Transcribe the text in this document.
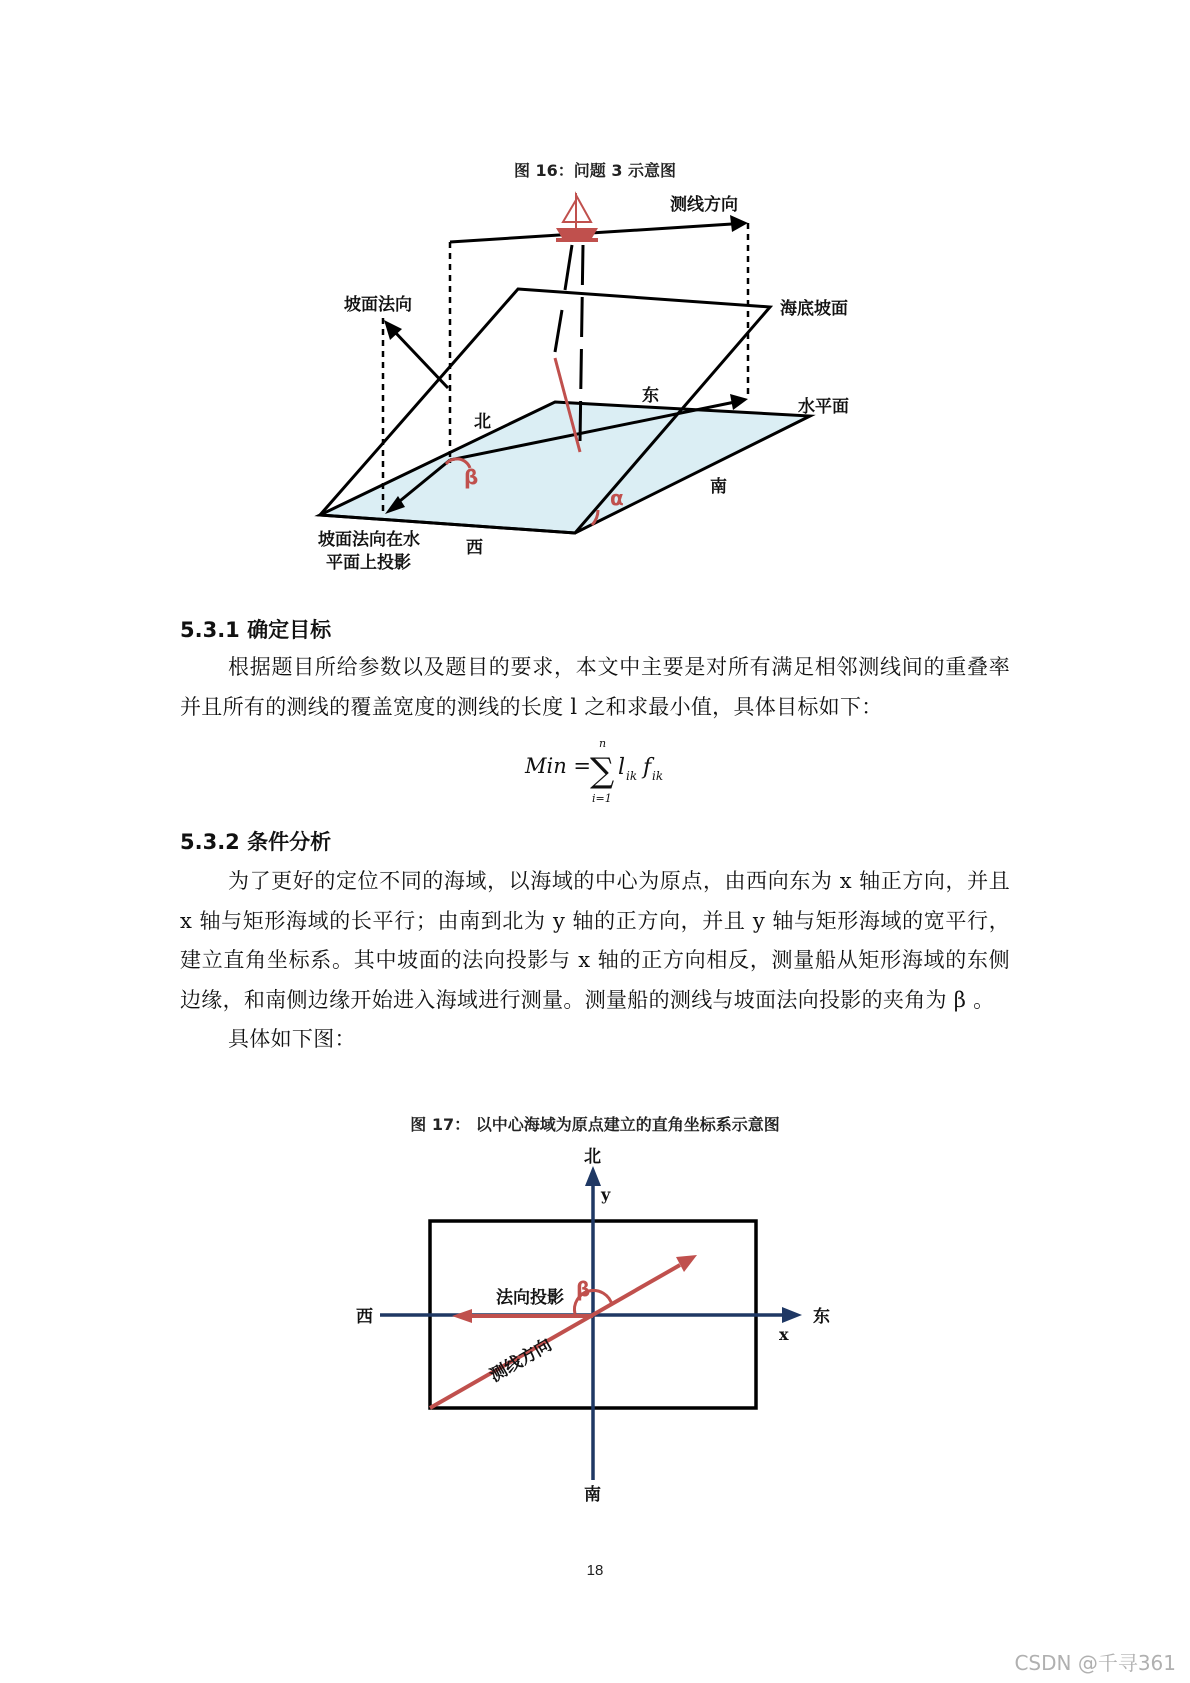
图 16：问题 3 示意图
测线方向
坡面法向	海底坡面
水平面
东
北
南
西
坡面法向在水
平面上投影
β
α
5.3.1 确定目标

根据题目所给参数以及题目的要求，本文中主要是对所有满足相邻测线间的重叠率并且所有的测线的覆盖宽度的测线的长度 l 之和求最小值，具体目标如下：

Min =
∑
n
i=1
l ik f ik
5.3.2 条件分析

为了更好的定位不同的海域，以海域的中心为原点，由西向东为 x 轴正方向，并且 x 轴与矩形海域的长平行；由南到北为 y 轴的正方向，并且 y 轴与矩形海域的宽平行，建立直角坐标系。其中坡面的法向投影与 x 轴的正方向相反，测量船从矩形海域的东侧边缘，和南侧边缘开始进入海域进行测量。测量船的测线与坡面法向投影的夹角为 β 。

具体如下图：

图 17： 以中心海域为原点建立的直角坐标系示意图
北
南
东
西
y
x
法向投影 β
测线方向
18
CSDN @千寻361
